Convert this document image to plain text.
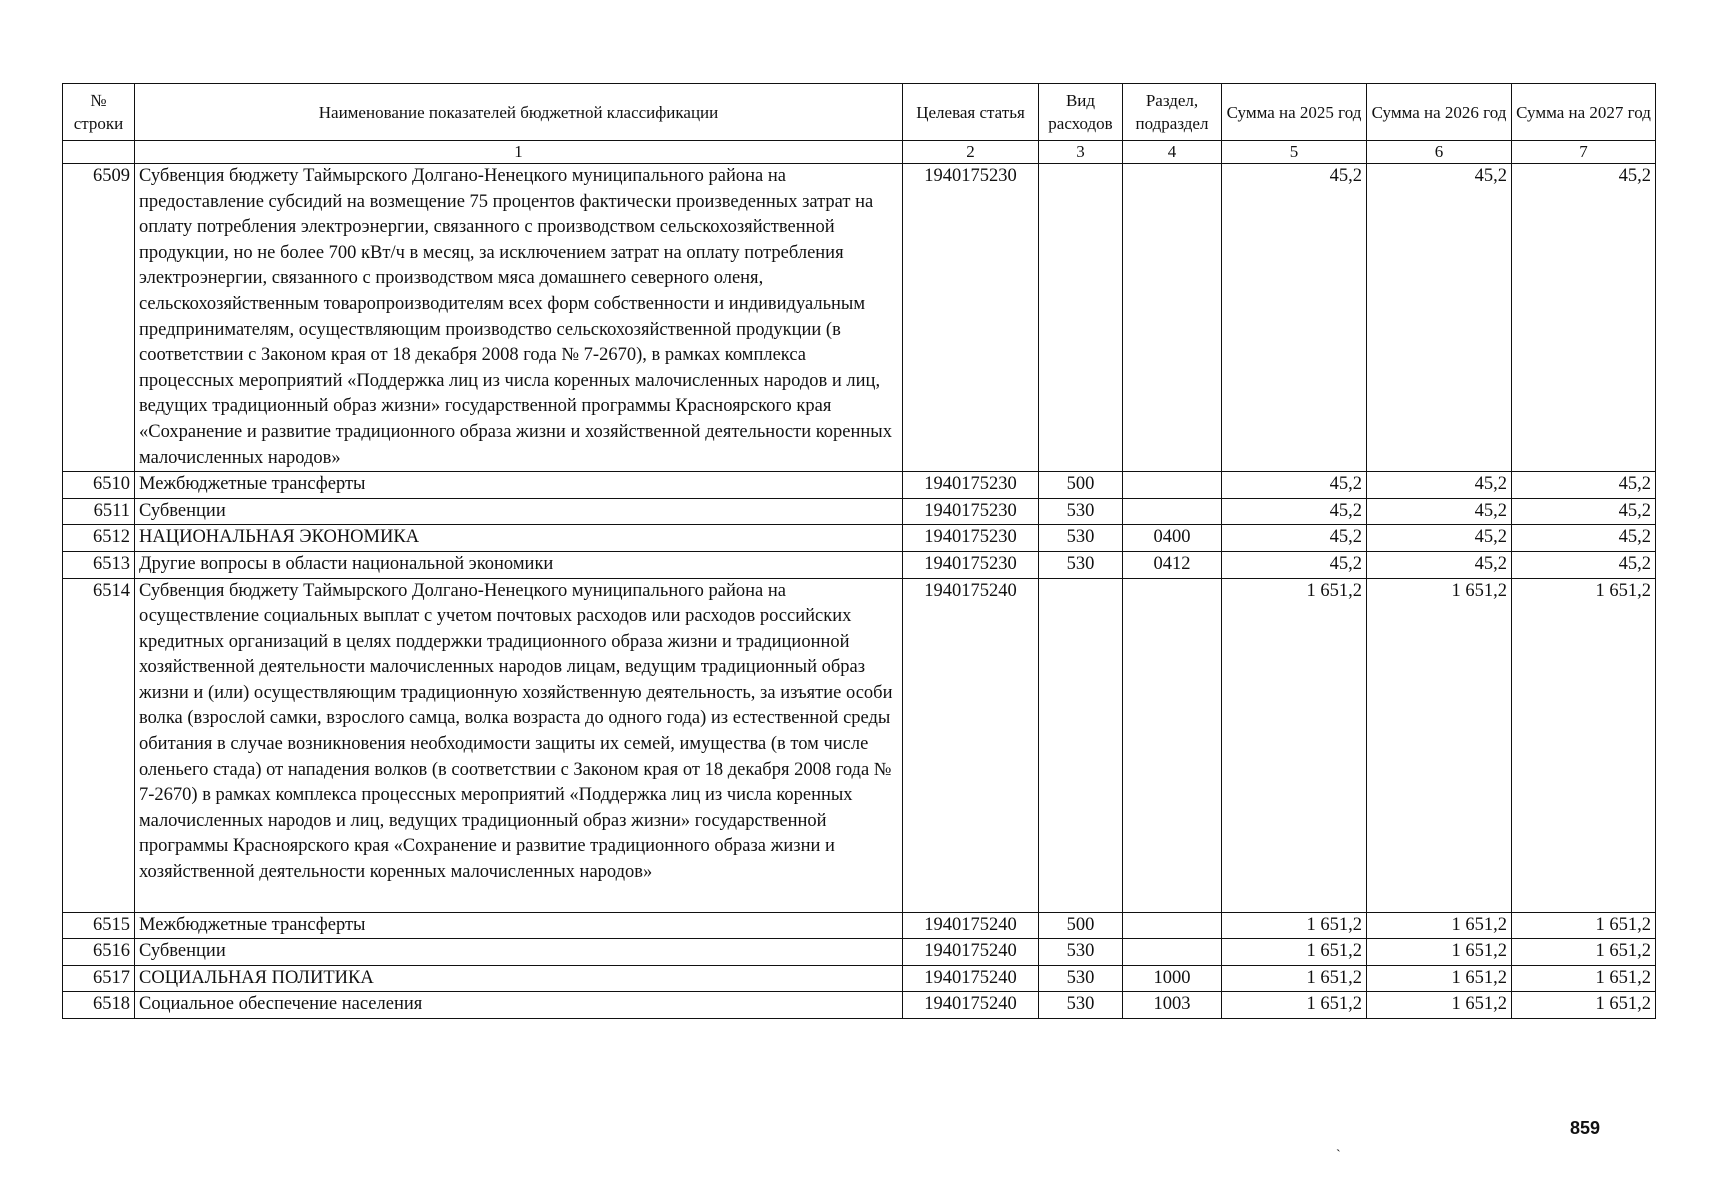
№ строки	Наименование показателей бюджетной классификации	Целевая статья	Вид расходов	Раздел, подраздел	Сумма на 2025 год	Сумма на 2026 год	Сумма на 2027 год
	1	2	3	4	5	6	7
6509	Субвенция бюджету Таймырского Долгано-Ненецкого муниципального района на предоставление субсидий на возмещение 75 процентов фактически произведенных затрат на оплату потребления электроэнергии, связанного с производством сельскохозяйственной продукции, но не более 700 кВт/ч в месяц, за исключением затрат на оплату потребления электроэнергии, связанного с производством мяса домашнего северного оленя, сельскохозяйственным товаропроизводителям всех форм собственности и индивидуальным предпринимателям, осуществляющим производство сельскохозяйственной продукции (в соответствии с Законом края от 18 декабря 2008 года № 7-2670), в рамках комплекса процессных мероприятий «Поддержка лиц из числа коренных малочисленных народов и лиц, ведущих традиционный образ жизни» государственной программы Красноярского края «Сохранение и развитие традиционного образа жизни и хозяйственной деятельности коренных малочисленных народов»	1940175230			45,2	45,2	45,2
6510	Межбюджетные трансферты	1940175230	500		45,2	45,2	45,2
6511	Субвенции	1940175230	530		45,2	45,2	45,2
6512	НАЦИОНАЛЬНАЯ ЭКОНОМИКА	1940175230	530	0400	45,2	45,2	45,2
6513	Другие вопросы в области национальной экономики	1940175230	530	0412	45,2	45,2	45,2
6514	Субвенция бюджету Таймырского Долгано-Ненецкого муниципального района на осуществление социальных выплат с учетом почтовых расходов или расходов российских кредитных организаций в целях поддержки традиционного образа жизни и традиционной хозяйственной деятельности малочисленных народов лицам, ведущим традиционный образ жизни и (или) осуществляющим традиционную хозяйственную деятельность, за изъятие особи волка (взрослой самки, взрослого самца, волка возраста до одного года) из естественной среды обитания в случае возникновения необходимости защиты их семей, имущества (в том числе оленьего стада) от нападения волков (в соответствии с Законом края от 18 декабря 2008 года № 7-2670) в рамках комплекса процессных мероприятий «Поддержка лиц из числа коренных малочисленных народов и лиц, ведущих традиционный образ жизни» государственной программы Красноярского края «Сохранение и развитие традиционного образа жизни и хозяйственной деятельности коренных малочисленных народов»	1940175240			1 651,2	1 651,2	1 651,2
6515	Межбюджетные трансферты	1940175240	500		1 651,2	1 651,2	1 651,2
6516	Субвенции	1940175240	530		1 651,2	1 651,2	1 651,2
6517	СОЦИАЛЬНАЯ ПОЛИТИКА	1940175240	530	1000	1 651,2	1 651,2	1 651,2
6518	Социальное обеспечение населения	1940175240	530	1003	1 651,2	1 651,2	1 651,2
859
`
